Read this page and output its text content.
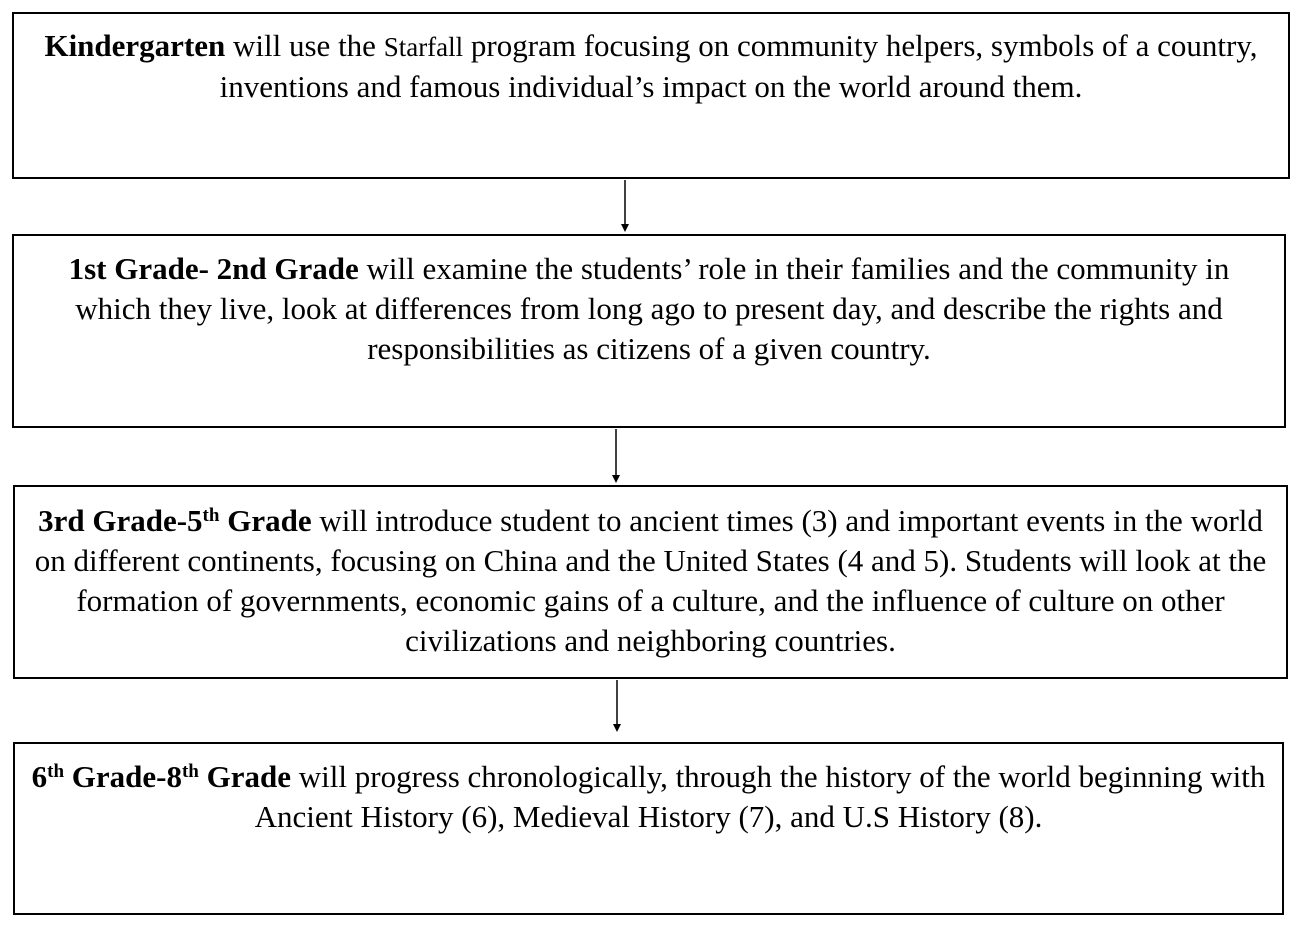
Kindergarten will use the Starfall program focusing on community helpers, symbols of a country, inventions and famous individual’s impact on the world around them.
1st Grade- 2nd Grade will examine the students’ role in their families and the community in which they live, look at differences from long ago to present day, and describe the rights and responsibilities as citizens of a given country.
3rd Grade-5th Grade will introduce student to ancient times (3) and important events in the world on different continents, focusing on China and the United States (4 and 5). Students will look at the formation of governments, economic gains of a culture, and the influence of culture on other civilizations and neighboring countries.
6th Grade-8th Grade will progress chronologically, through the history of the world beginning with Ancient History (6), Medieval History (7), and U.S History (8).
